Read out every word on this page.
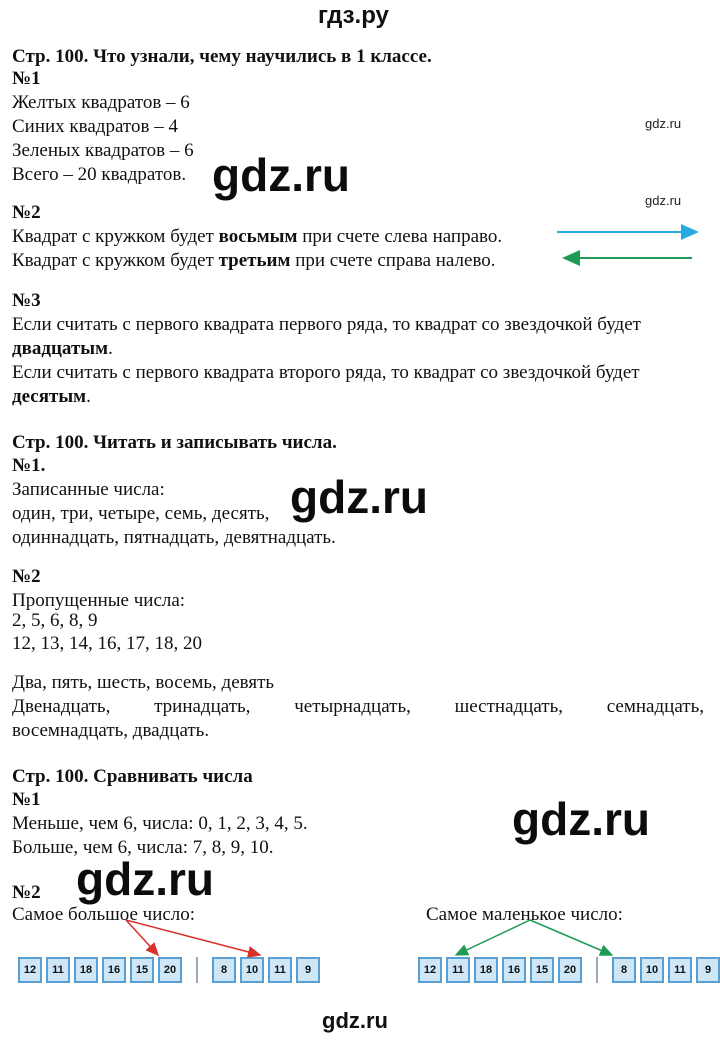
гдз.ру
Стр. 100. Что узнали, чему научились в 1 классе.
№1
Желтых квадратов – 6
Синих квадратов – 4
Зеленых квадратов – 6
Всего – 20 квадратов.
gdz.ru
gdz.ru	gdz.ru
№2
Квадрат с кружком будет восьмым при счете слева направо.
Квадрат с кружком будет третьим при счете справа налево.
№3
Если считать с первого квадрата первого ряда, то квадрат со звездочкой будет
двадцатым.
Если считать с первого квадрата второго ряда, то квадрат со звездочкой будет
десятым.
Стр. 100. Читать и записывать числа.
№1.
Записанные числа:
один, три, четыре, семь, десять, gdz.ru
одиннадцать, пятнадцать, девятнадцать.
№2
Пропущенные числа:
2, 5, 6, 8, 9
12, 13, 14, 16, 17, 18, 20
Два, пять, шесть, восемь, девять
Двенадцать, тринадцать, четырнадцать, шестнадцать, семнадцать,
восемнадцать, двадцать.
Стр. 100. Сравнивать числа
№1
Меньше, чем 6, числа: 0, 1, 2, 3, 4, 5.
Больше, чем 6, числа: 7, 8, 9, 10.
gdz.ru
gdz.ru
№2
Самое большое число:	Самое маленькое число:
12	11	18	16	15	20	8	10	11	9	12	11	18	16	15	20	8	10	11	9
gdz.ru
